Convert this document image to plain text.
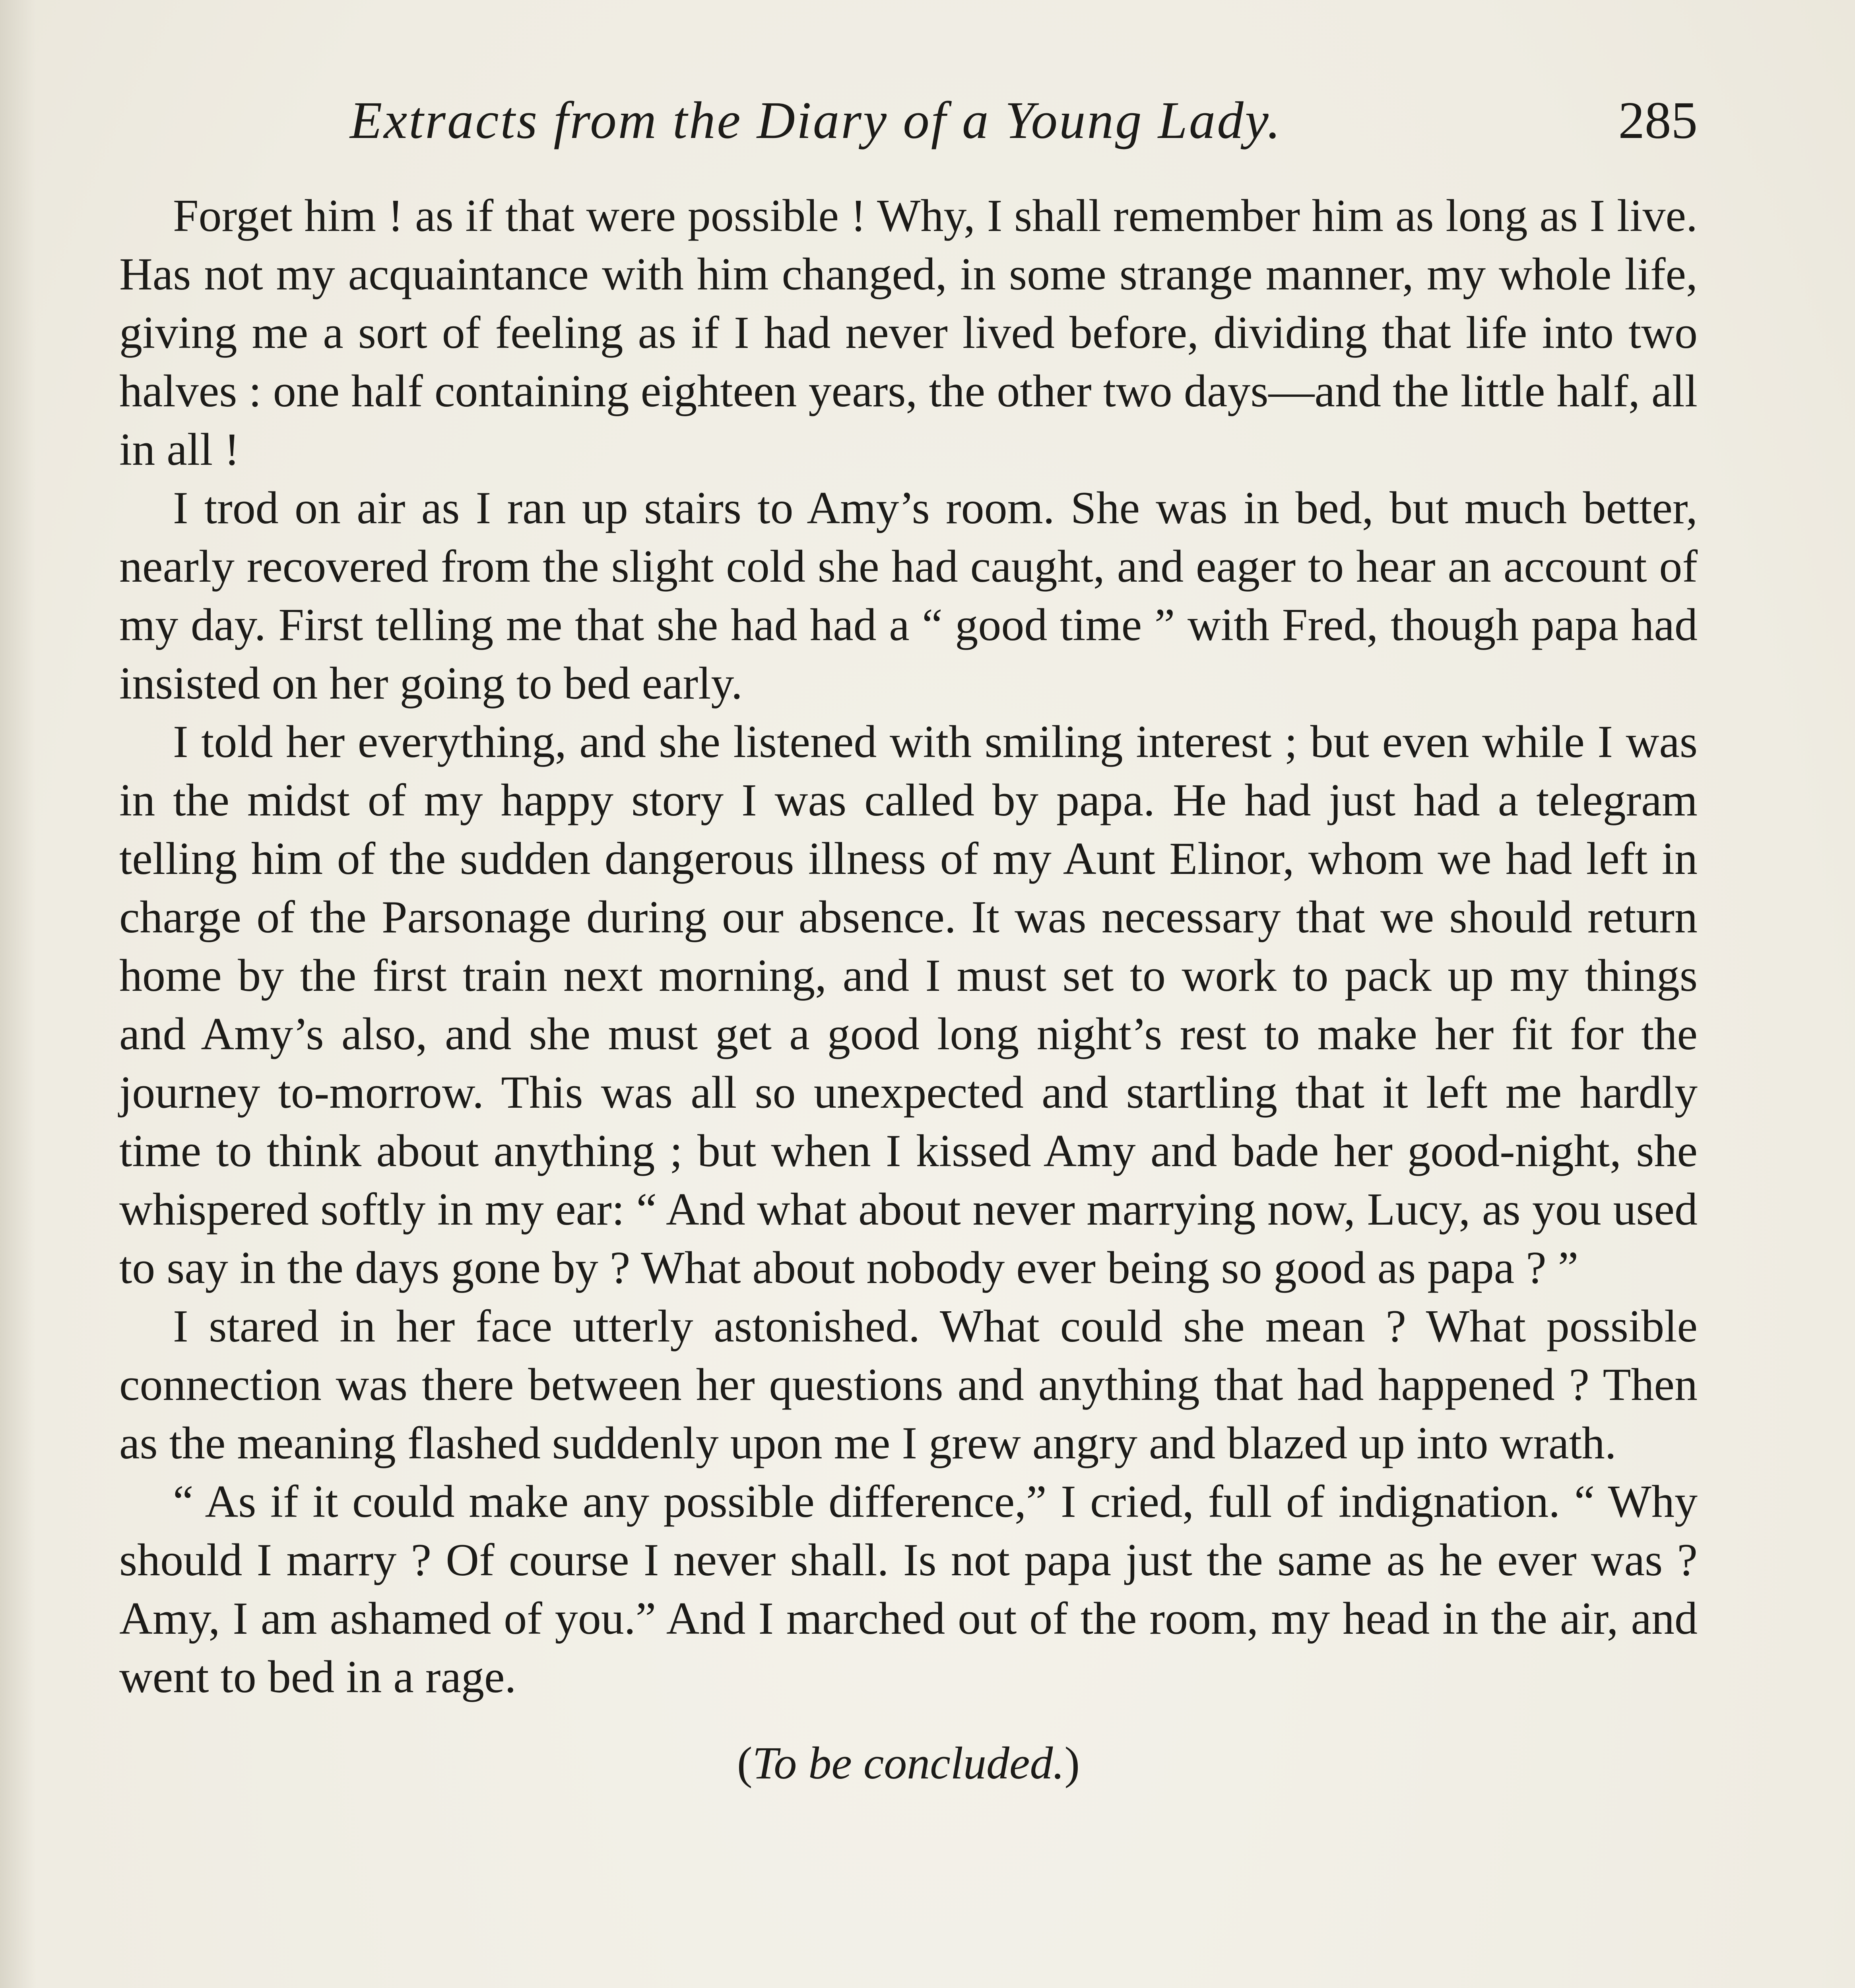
Extracts from the Diary of a Young Lady.	285

Forget him ! as if that were possible ! Why, I shall remember him as long as I live. Has not my acquaintance with him changed, in some strange manner, my whole life, giving me a sort of feeling as if I had never lived before, dividing that life into two halves : one half containing eighteen years, the other two days—and the little half, all in all !

I trod on air as I ran up stairs to Amy’s room. She was in bed, but much better, nearly recovered from the slight cold she had caught, and eager to hear an account of my day. First telling me that she had had a “ good time ” with Fred, though papa had insisted on her going to bed early.

I told her everything, and she listened with smiling interest ; but even while I was in the midst of my happy story I was called by papa. He had just had a telegram telling him of the sudden dangerous illness of my Aunt Elinor, whom we had left in charge of the Parsonage during our absence. It was necessary that we should return home by the first train next morning, and I must set to work to pack up my things and Amy’s also, and she must get a good long night’s rest to make her fit for the journey to-morrow. This was all so unexpected and startling that it left me hardly time to think about anything ; but when I kissed Amy and bade her good-night, she whispered softly in my ear: “ And what about never marrying now, Lucy, as you used to say in the days gone by ? What about nobody ever being so good as papa ? ”

I stared in her face utterly astonished. What could she mean ? What possible connection was there between her questions and anything that had happened ? Then as the meaning flashed suddenly upon me I grew angry and blazed up into wrath.

“ As if it could make any possible difference,” I cried, full of indignation. “ Why should I marry ? Of course I never shall. Is not papa just the same as he ever was ? Amy, I am ashamed of you.” And I marched out of the room, my head in the air, and went to bed in a rage.

(To be concluded.)
